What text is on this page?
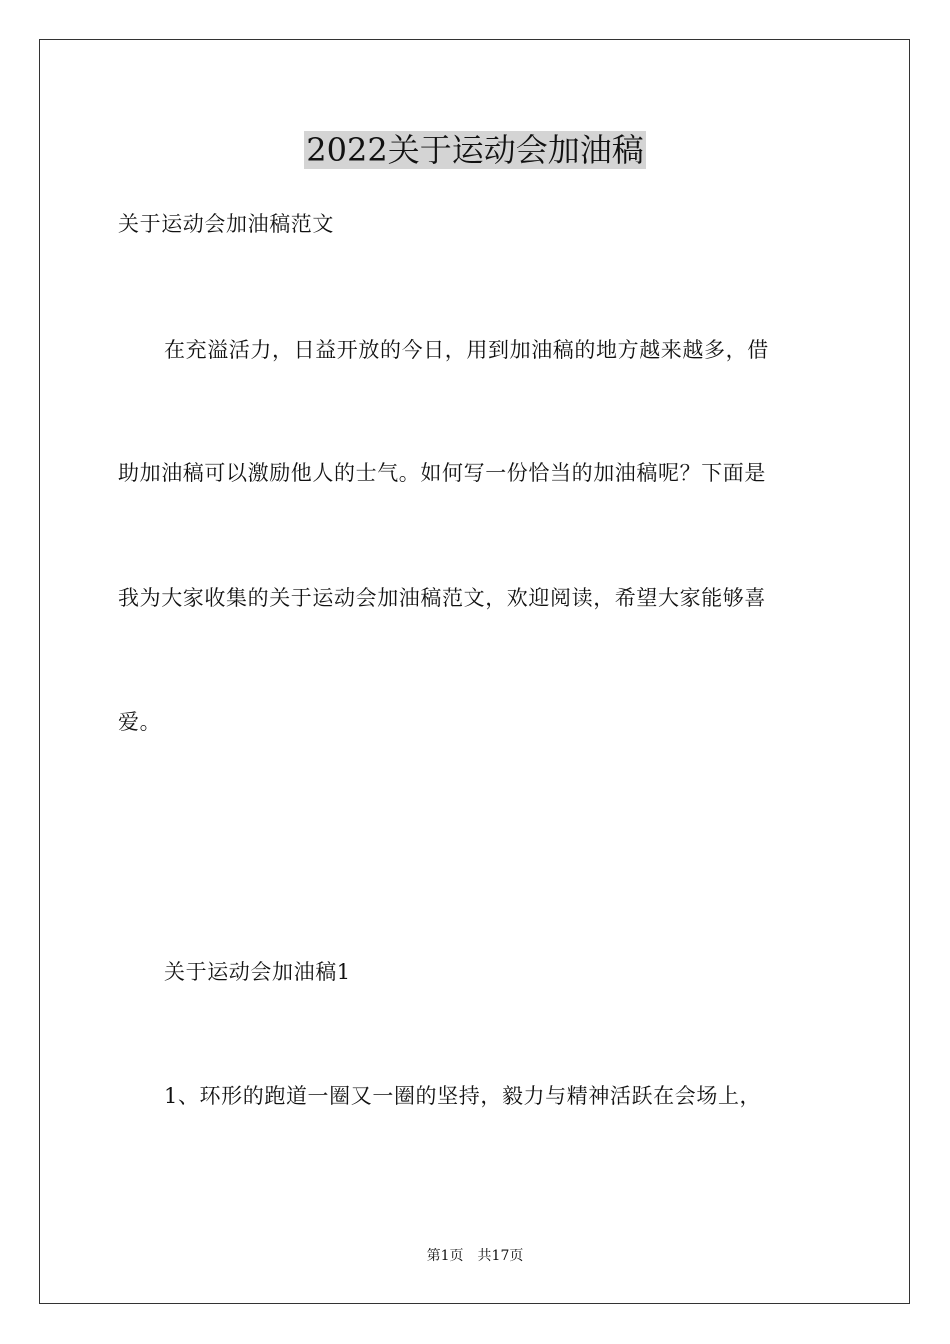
2022关于运动会加油稿
关于运动会加油稿范文
在充溢活力，日益开放的今日，用到加油稿的地方越来越多，借
助加油稿可以激励他人的士气。如何写一份恰当的加油稿呢？下面是
我为大家收集的关于运动会加油稿范文，欢迎阅读，希望大家能够喜
爱。
关于运动会加油稿1
1、环形的跑道一圈又一圈的坚持，毅力与精神活跃在会场上，
第1页　共17页
